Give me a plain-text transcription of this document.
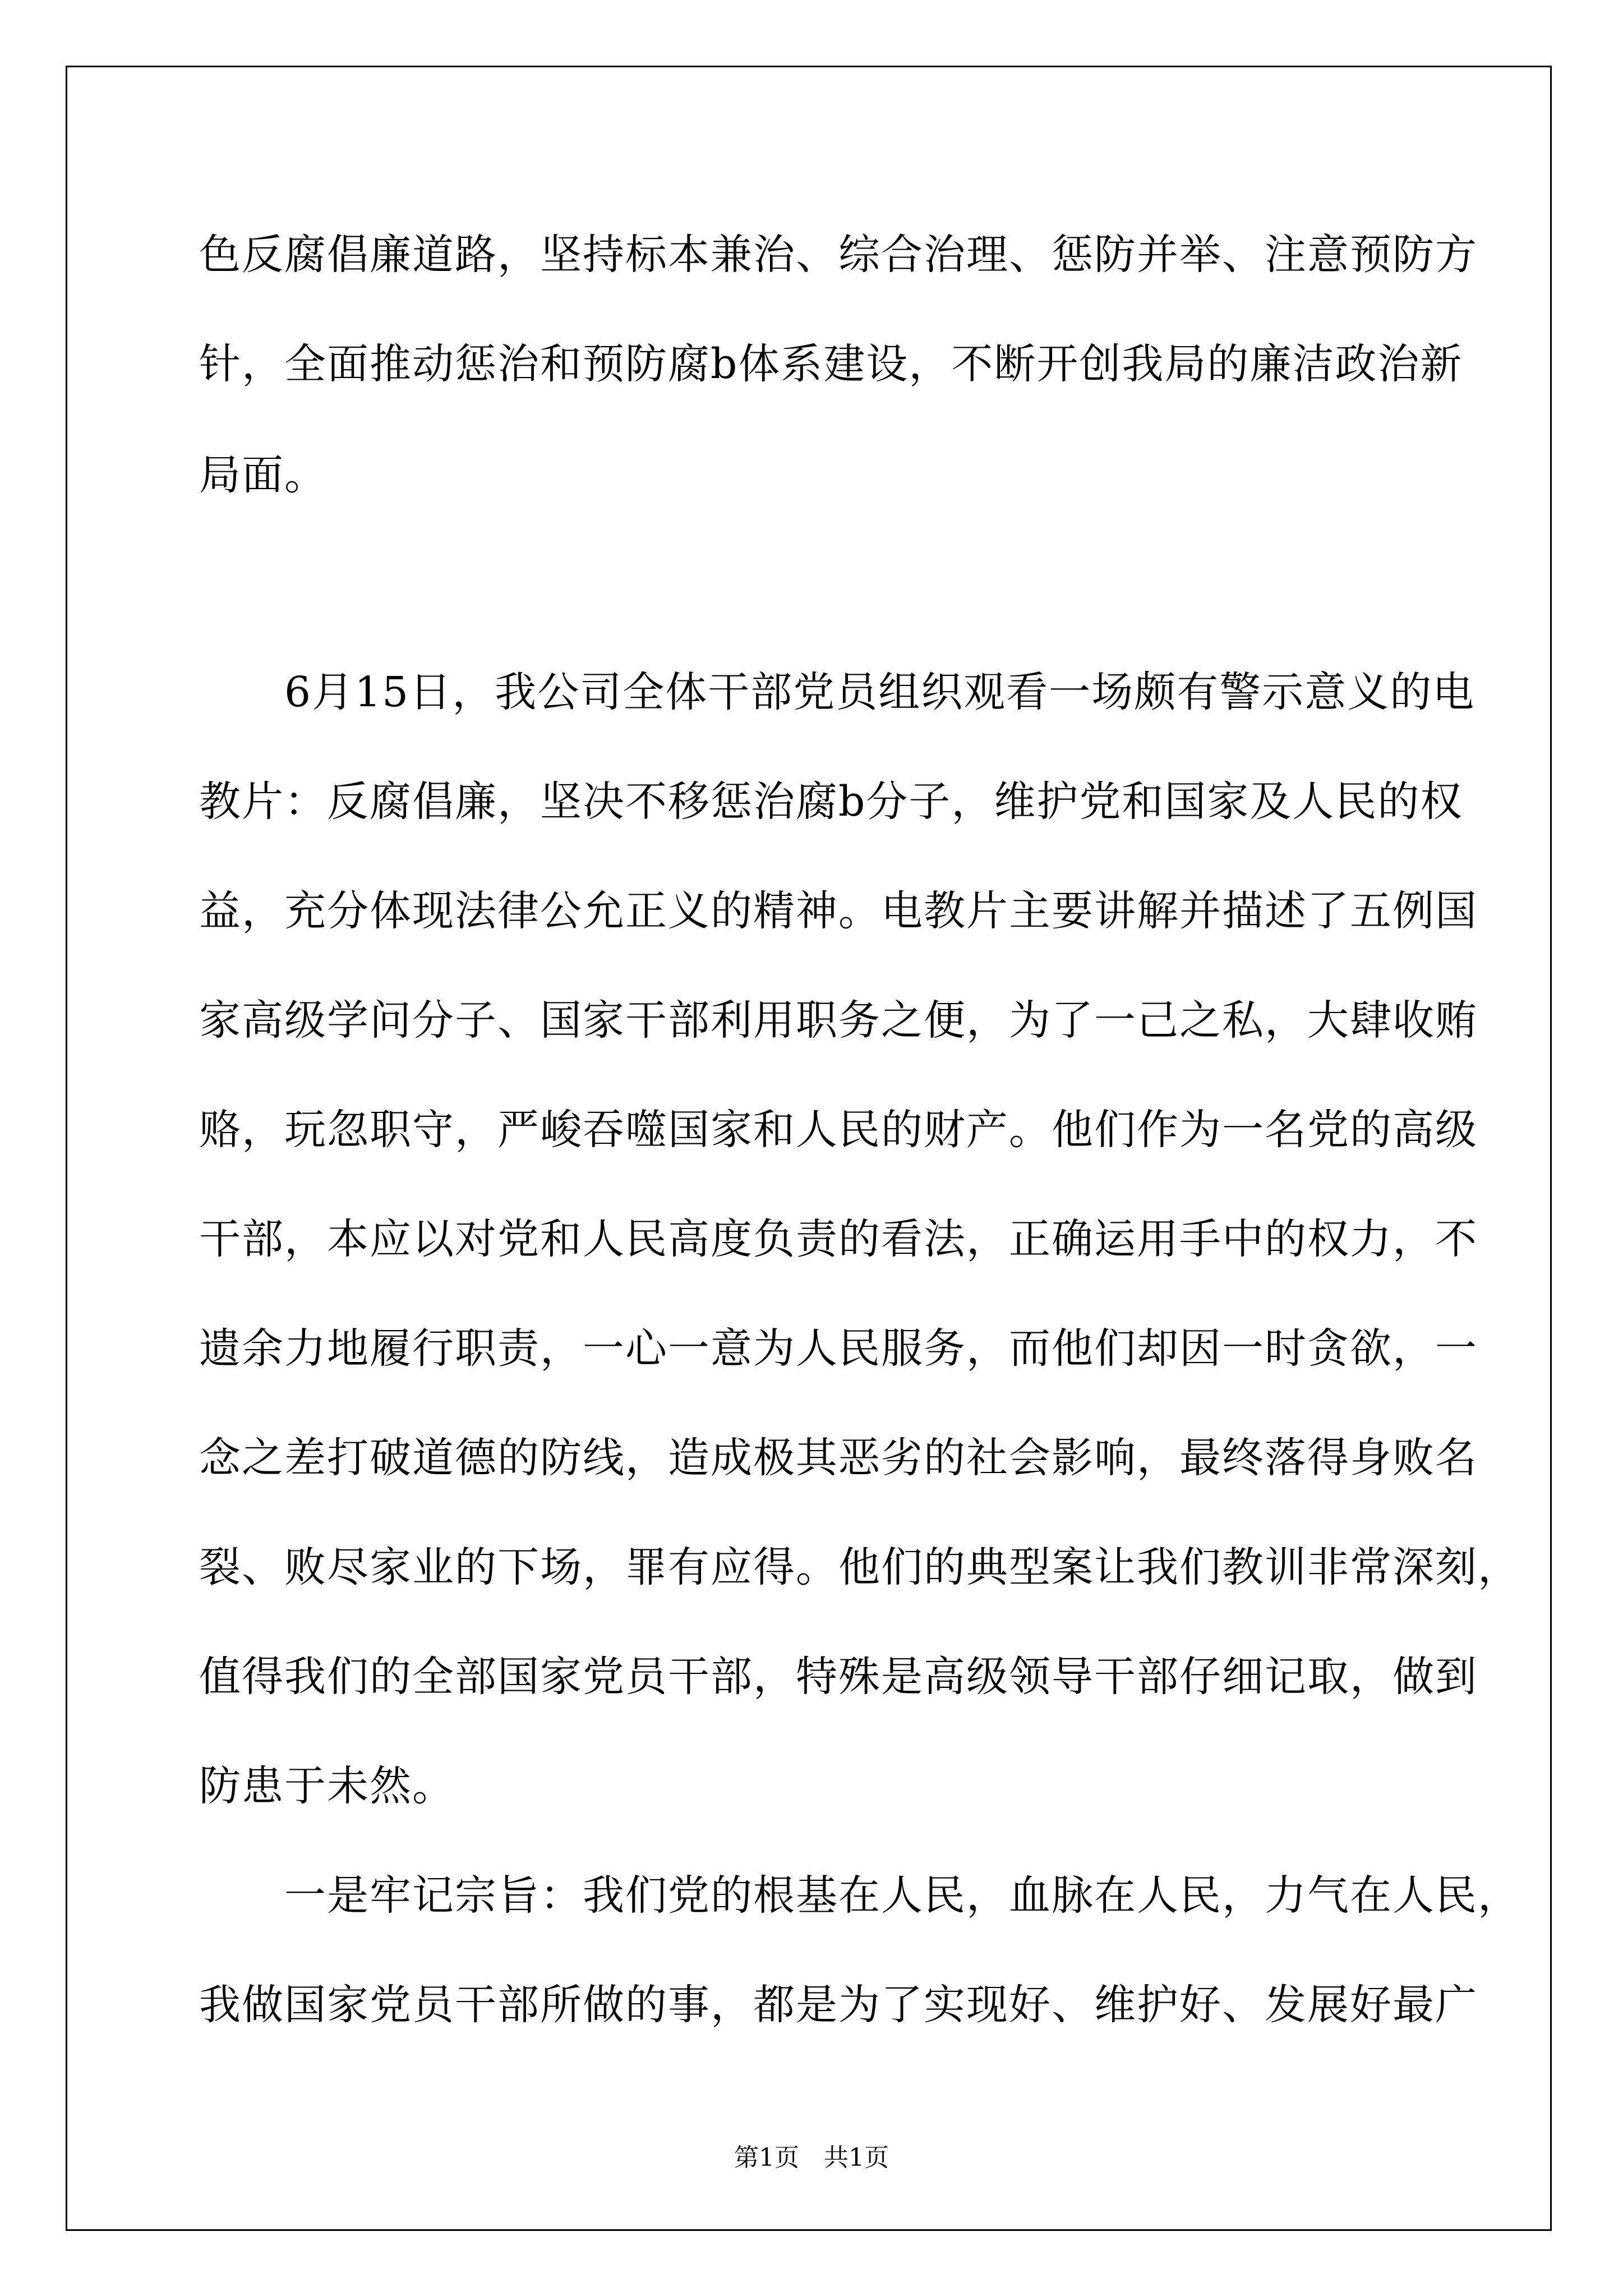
色反腐倡廉道路，坚持标本兼治、综合治理、惩防并举、注意预防方
针，全面推动惩治和预防腐b体系建设，不断开创我局的廉洁政治新
局面。
　　6月15日，我公司全体干部党员组织观看一场颇有警示意义的电
教片：反腐倡廉，坚决不移惩治腐b分子，维护党和国家及人民的权
益，充分体现法律公允正义的精神。电教片主要讲解并描述了五例国
家高级学问分子、国家干部利用职务之便，为了一己之私，大肆收贿
赂，玩忽职守，严峻吞噬国家和人民的财产。他们作为一名党的高级
干部，本应以对党和人民高度负责的看法，正确运用手中的权力，不
遗余力地履行职责，一心一意为人民服务，而他们却因一时贪欲，一
念之差打破道德的防线，造成极其恶劣的社会影响，最终落得身败名
裂、败尽家业的下场，罪有应得。他们的典型案让我们教训非常深刻，
值得我们的全部国家党员干部，特殊是高级领导干部仔细记取，做到
防患于未然。
　　一是牢记宗旨：我们党的根基在人民，血脉在人民，力气在人民，
我做国家党员干部所做的事，都是为了实现好、维护好、发展好最广
第1页　共1页
